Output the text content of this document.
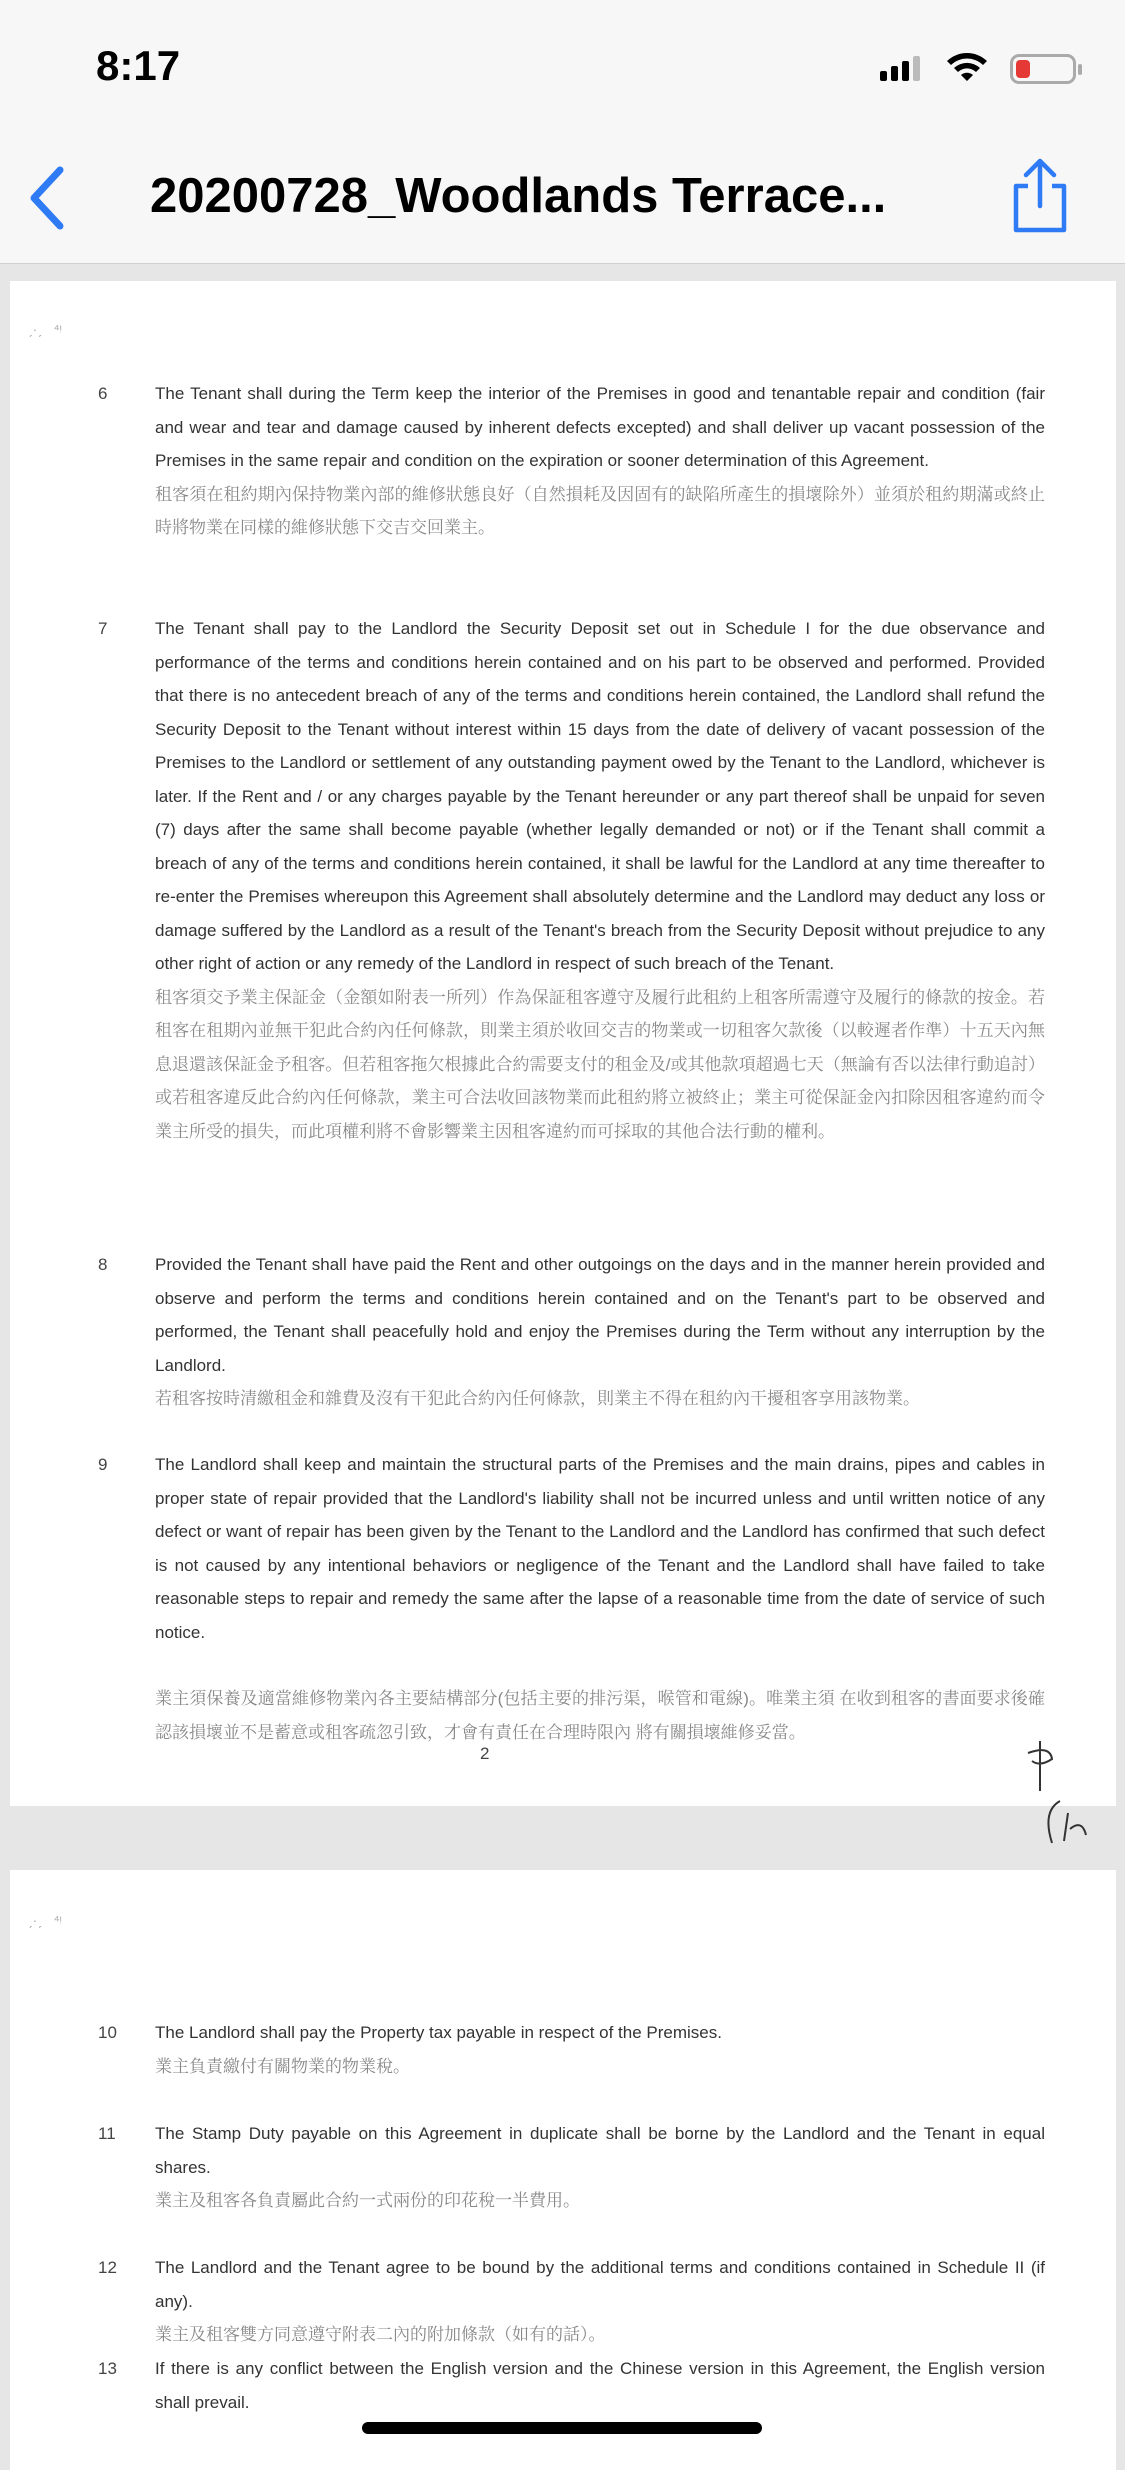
8:17
20200728_Woodlands Terrace...
ˏ·ˏ   ⁴ᵎ
6	The Tenant shall during the Term keep the interior of the Premises in good and tenantable repair and condition (fair and wear and tear and damage caused by inherent defects excepted) and shall deliver up vacant possession of the Premises in the same repair and condition on the expiration or sooner determination of this Agreement.
租客須在租約期內保持物業內部的維修狀態良好（自然損耗及因固有的缺陷所產生的損壞除外）並須於租約期滿或終止時將物業在同樣的維修狀態下交吉交回業主。
7	The Tenant shall pay to the Landlord the Security Deposit set out in Schedule I for the due observance and performance of the terms and conditions herein contained and on his part to be observed and performed. Provided that there is no antecedent breach of any of the terms and conditions herein contained, the Landlord shall refund the Security Deposit to the Tenant without interest within 15 days from the date of delivery of vacant possession of the Premises to the Landlord or settlement of any outstanding payment owed by the Tenant to the Landlord, whichever is later. If the Rent and / or any charges payable by the Tenant hereunder or any part thereof shall be unpaid for seven (7) days after the same shall become payable (whether legally demanded or not) or if the Tenant shall commit a breach of any of the terms and conditions herein contained, it shall be lawful for the Landlord at any time thereafter to re-enter the Premises whereupon this Agreement shall absolutely determine and the Landlord may deduct any loss or damage suffered by the Landlord as a result of the Tenant's breach from the Security Deposit without prejudice to any other right of action or any remedy of the Landlord in respect of such breach of the Tenant.
租客須交予業主保証金（金額如附表一所列）作為保証租客遵守及履行此租約上租客所需遵守及履行的條款的按金。若租客在租期內並無干犯此合約內任何條款，則業主須於收回交吉的物業或一切租客欠款後（以較遲者作準）十五天內無息退還該保証金予租客。但若租客拖欠根據此合約需要支付的租金及/或其他款項超過七天（無論有否以法律行動追討）或若租客違反此合約內任何條款，業主可合法收回該物業而此租約將立被終止；業主可從保証金內扣除因租客違約而令業主所受的損失，而此項權利將不會影響業主因租客違約而可採取的其他合法行動的權利。
8	Provided the Tenant shall have paid the Rent and other outgoings on the days and in the manner herein provided and observe and perform the terms and conditions herein contained and on the Tenant's part to be observed and performed, the Tenant shall peacefully hold and enjoy the Premises during the Term without any interruption by the Landlord.
若租客按時清繳租金和雜費及沒有干犯此合約內任何條款，則業主不得在租約內干擾租客享用該物業。
9	The Landlord shall keep and maintain the structural parts of the Premises and the main drains, pipes and cables in proper state of repair provided that the Landlord's liability shall not be incurred unless and until written notice of any defect or want of repair has been given by the Tenant to the Landlord and the Landlord has confirmed that such defect is not caused by any intentional behaviors or negligence of the Tenant and the Landlord shall have failed to take reasonable steps to repair and remedy the same after the lapse of a reasonable time from the date of service of such notice.
業主須保養及適當維修物業內各主要結構部分(包括主要的排污渠，喉管和電線)。唯業主須 在收到租客的書面要求後確認該損壞並不是蓄意或租客疏忽引致，才會有責任在合理時限內 將有關損壞維修妥當。
2
ˏ·ˏ   ⁴ᵎ
10 The Landlord shall pay the Property tax payable in respect of the Premises.
業主負責繳付有關物業的物業稅。
11 The Stamp Duty payable on this Agreement in duplicate shall be borne by the Landlord and the Tenant in equal shares.
業主及租客各負責屬此合約一式兩份的印花稅一半費用。
12 The Landlord and the Tenant agree to be bound by the additional terms and conditions contained in Schedule II (if any).
業主及租客雙方同意遵守附表二內的附加條款（如有的話）。
13 If there is any conflict between the English version and the Chinese version in this Agreement, the English version shall prevail.
